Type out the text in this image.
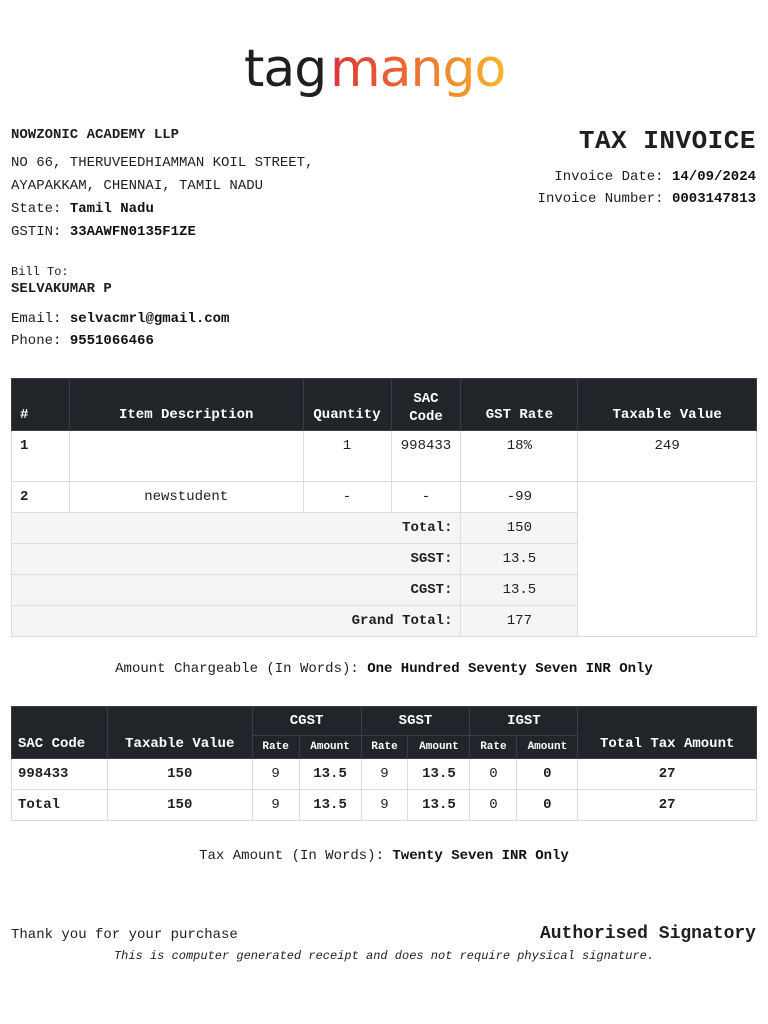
tag mango
NOWZONIC ACADEMY LLP
NO 66, THERUVEEDHIAMMAN KOIL STREET,
AYAPAKKAM, CHENNAI, TAMIL NADU
State: Tamil Nadu
GSTIN: 33AAWFN0135F1ZE
TAX INVOICE
Invoice Date: 14/09/2024
Invoice Number: 0003147813
Bill To:
SELVAKUMAR P
Email: selvacmrl@gmail.com
Phone: 9551066466
#	Item Description	Quantity	SAC Code	GST Rate	Taxable Value
1		1	998433	18%	249
2	newstudent	-	-	-99	
Total:				150	
SGST:				13.5	
CGST:				13.5	
Grand Total:				177	
Amount Chargeable (In Words): One Hundred Seventy Seven INR Only
SAC Code	Taxable Value	CGST		SGST		IGST		Total Tax Amount
		Rate	Amount	Rate	Amount	Rate	Amount	
998433	150	9	13.5	9	13.5	0	0	27
Total	150	9	13.5	9	13.5	0	0	27
Tax Amount (In Words): Twenty Seven INR Only
Thank you for your purchase	Authorised Signatory
This is computer generated receipt and does not require physical signature.
